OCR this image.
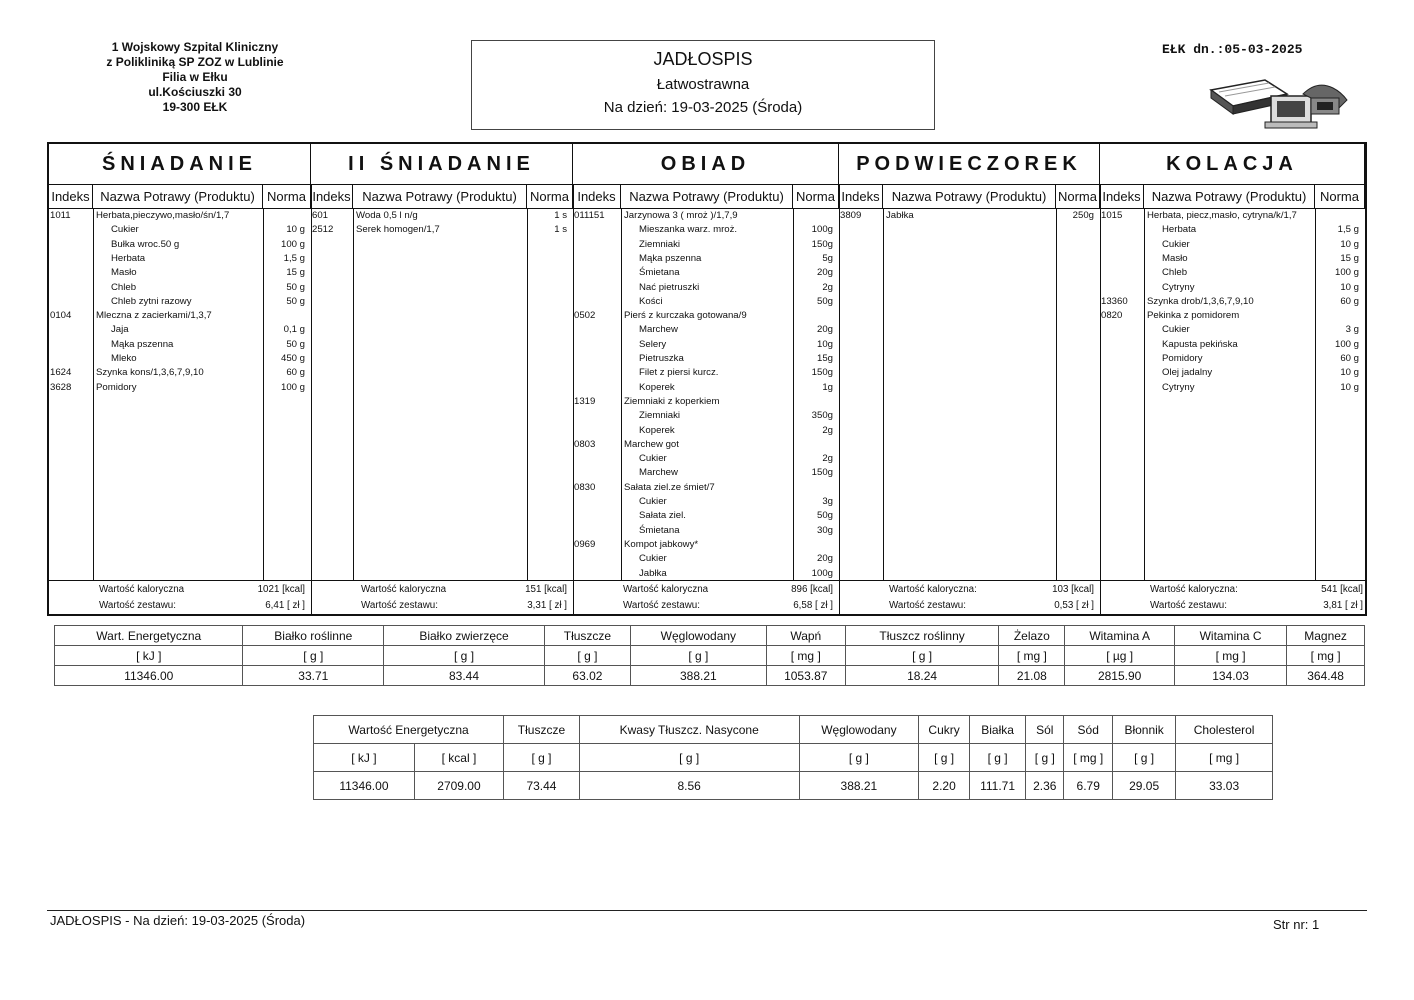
1 Wojskowy Szpital Kliniczny
z Polikliniką SP ZOZ w Lublinie
Filia w Ełku
ul.Kościuszki 30
19-300 EŁK
JADŁOSPIS
Łatwostrawna
Na dzień: 19-03-2025 (Środa)
EŁK dn.:05-03-2025
ŚNIADANIE
Indeks Nazwa Potrawy (Produktu) Norma
1011	Herbata,pieczywo,masło/śn/1,7
Cukier	10 g
Bułka wroc.50 g	100 g
Herbata	1,5 g
Masło	15 g
Chleb	50 g
Chleb zytni razowy	50 g
0104	Mleczna z zacierkami/1,3,7
Jaja	0,1 g
Mąka pszenna	50 g
Mleko	450 g
1624	Szynka kons/1,3,6,7,9,10	60 g
3628	Pomidory	100 g
Wartość kaloryczna	1021 [kcal]
Wartość zestawu:	6,41 [ zł ]
II ŚNIADANIE
Indeks Nazwa Potrawy (Produktu)	Norma
601	Woda 0,5 l n/g	1 s
2512 Serek homogen/1,7	1 s
Wartość kaloryczna	151 [kcal]
Wartość zestawu:	3,31 [ zł ]
OBIAD
Indeks	Nazwa Potrawy (Produktu) Norma
011151 Jarzynowa 3 ( mroż )/1,7,9
Mieszanka warz. mroż.	100g
Ziemniaki	150g
Mąka pszenna	5g
Śmietana	20g
Nać pietruszki	2g
Kości	50g
0502	Pierś z kurczaka gotowana/9
Marchew	20g
Selery	10g
Pietruszka	15g
Filet z piersi kurcz.	150g
Koperek	1g
1319	Ziemniaki z koperkiem
Ziemniaki	350g
Koperek	2g
0803	Marchew got
Cukier	2g
Marchew	150g
0830	Sałata ziel.ze śmiet/7
Cukier	3g
Sałata ziel.	50g
Śmietana	30g
0969	Kompot jabkowy*
Cukier	20g
Jabłka	100g
Wartość kaloryczna	896 [kcal]
Wartość zestawu:	6,58 [ zł ]
PODWIECZOREK
Indeks Nazwa Potrawy (Produktu) Norma
3809	Jabłka	250g
Wartość kaloryczna:	103 [kcal]
Wartość zestawu:	0,53 [ zł ]
KOLACJA
Indeks Nazwa Potrawy (Produktu)	Norma
1015	Herbata, piecz,masło, cytryna/k/1,7
Herbata	1,5 g
Cukier	10 g
Masło	15 g
Chleb	100 g
Cytryny	10 g
13360 Szynka drob/1,3,6,7,9,10	60 g
0820	Pekinka z pomidorem
Cukier	3 g
Kapusta pekińska	100 g
Pomidory	60 g
Olej jadalny	10 g
Cytryny	10 g
Wartość kaloryczna:	541 [kcal]
Wartość zestawu:	3,81 [ zł ]
Wart. Energetyczna	Białko roślinne	Białko zwierzęce	Tłuszcze	Węglowodany	Wapń	Tłuszcz roślinny	Żelazo	Witamina A	Witamina C	Magnez
[ kJ ]	[ g ]	[ g ]	[ g ]	[ g ]	[ mg ]	[ g ]	[ mg ]	[ µg ]	[ mg ]	[ mg ]
11346.00	33.71	83.44	63.02	388.21	1053.87	18.24	21.08	2815.90	134.03	364.48
Wartość Energetyczna		Tłuszcze	Kwasy Tłuszcz. Nasycone	Węglowodany	Cukry	Białka	Sól	Sód	Błonnik	Cholesterol
[ kJ ]	[ kcal ]	[ g ]	[ g ]	[ g ]	[ g ]	[ g ]	[ g ]	[ mg ]	[ g ]	[ mg ]
11346.00	2709.00	73.44	8.56	388.21	2.20	111.71	2.36	6.79	29.05	33.03
JADŁOSPIS - Na dzień: 19-03-2025 (Środa)	Str nr: 1
